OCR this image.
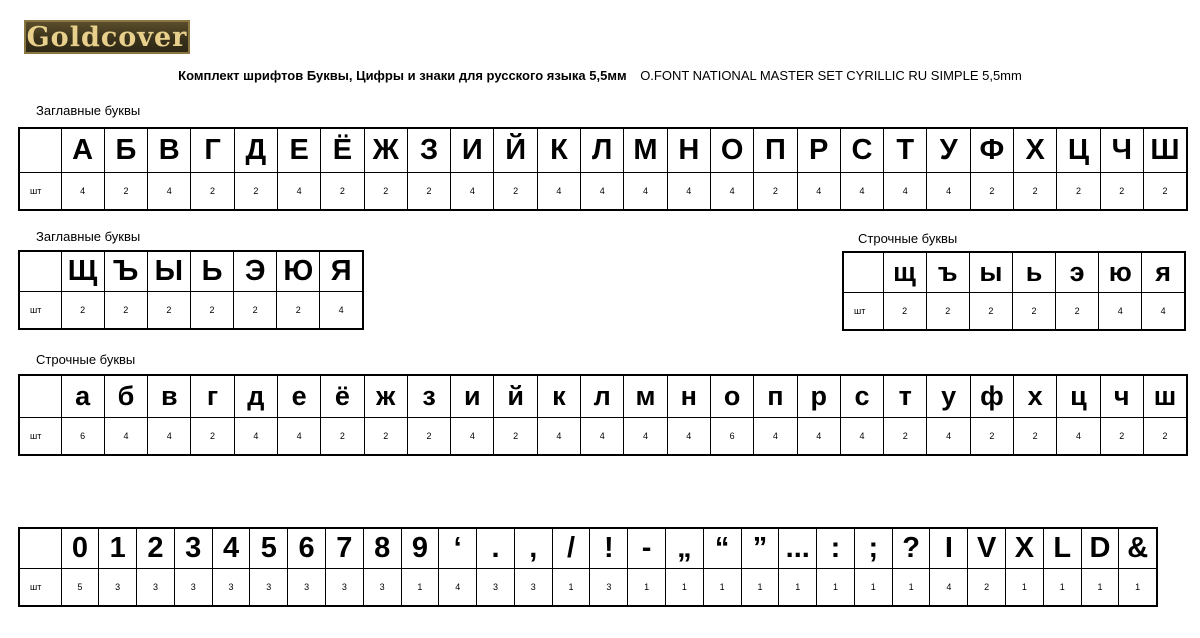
Goldcover
Комплект шрифтов Буквы, Цифры и знаки для русского языка 5,5мм O.FONT NATIONAL MASTER SET CYRILLIC RU SIMPLE 5,5mm
Заглавные буквы
	А	Б	В	Г	Д	Е	Ё	Ж	З	И	Й	К	Л	М	Н	О	П	Р	С	Т	У	Ф	Х	Ц	Ч	Ш
шт	4	2	4	2	2	4	2	2	2	4	2	4	4	4	4	4	2	4	4	4	4	2	2	2	2	2
Заглавные буквы
	Щ	Ъ	Ы	Ь	Э	Ю	Я
шт	2	2	2	2	2	2	4
Строчные буквы
	щ	ъ	ы	ь	э	ю	я
шт	2	2	2	2	2	4	4
Строчные буквы
	а	б	в	г	д	е	ё	ж	з	и	й	к	л	м	н	о	п	р	с	т	у	ф	х	ц	ч	ш
шт	6	4	4	2	4	4	2	2	2	4	2	4	4	4	4	6	4	4	4	2	4	2	2	4	2	2
	0	1	2	3	4	5	6	7	8	9	‘	.	,	/	!	-	„	“	”	...	:	;	?	I	V	X	L	D	&
шт	5	3	3	3	3	3	3	3	3	1	4	3	3	1	3	1	1	1	1	1	1	1	1	4	2	1	1	1	1
